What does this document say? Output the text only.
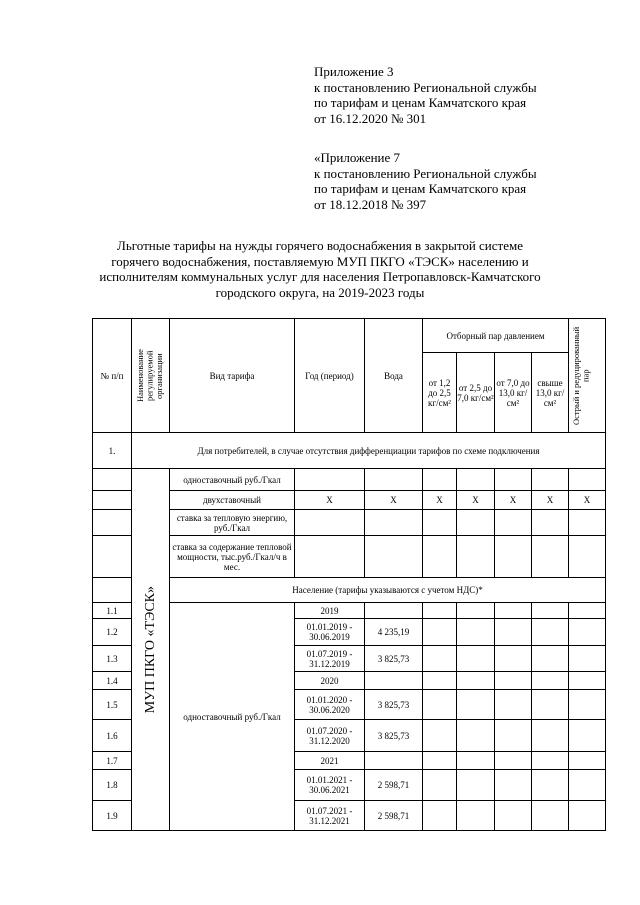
Приложение 3
к постановлению Региональной службы
по тарифам и ценам Камчатского края
от 16.12.2020 № 301
«Приложение 7
к постановлению Региональной службы
по тарифам и ценам Камчатского края
от 18.12.2018 № 397
Льготные тарифы на нужды горячего водоснабжения в закрытой системе
горячего водоснабжения, поставляемую МУП ПКГО «ТЭСК» населению и
исполнителям коммунальных услуг для населения Петропавловск-Камчатского
городского округа, на 2019-2023 годы
№ п/п	Наименование регулируемой организации	Вид тарифа	Год (период)	Вода	Отборный пар давлением				Острый и редуцированный пар

					от 1,2 до 2,5 кг/см²	от 2,5 до 7,0 кг/см²	от 7,0 до 13,0 кг/см²	свыше 13,0 кг/см²	
1.	Для потребителей, в случае отсутствия дифференциации тарифов по схеме подключения								

	МУП ПКГО «ТЭСК»	одноставочный руб./Гкал							
		двухставочный	Х	Х	Х	Х	Х	Х	Х
		ставка за тепловую энергию, руб./Гкал							
		ставка за содержание тепловой мощности, тыс.руб./Гкал/ч в мес.							
		Население (тарифы указываются с учетом НДС)*							
1.1		одноставочный руб./Гкал	2019						
1.2			01.01.2019 - 30.06.2019	4 235,19					
1.3			01.07.2019 - 31.12.2019	3 825,73					
1.4			2020						
1.5			01.01.2020 - 30.06.2020	3 825,73					
1.6			01.07.2020 - 31.12.2020	3 825,73					
1.7			2021						
1.8			01.01.2021 - 30.06.2021	2 598,71					
1.9			01.07.2021 - 31.12.2021	2 598,71					
